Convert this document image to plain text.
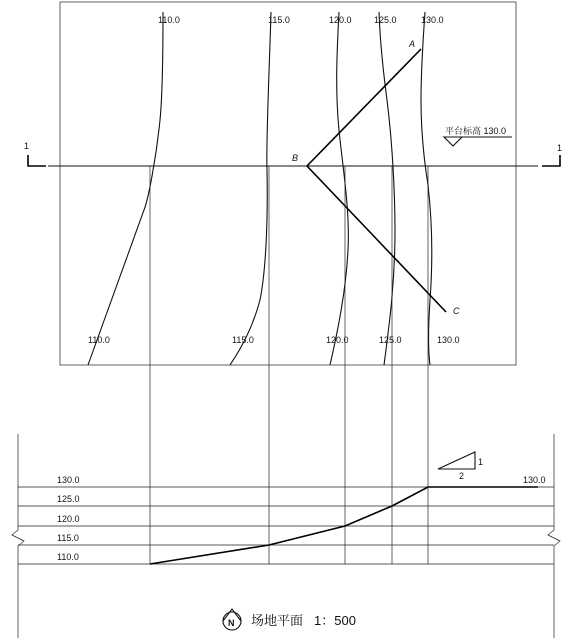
110.0	115.0	120.0 125.0	130.0
110.0	115.0	120.0	125.0	130.0
1	1
A
B
C
平台标高 130.0
130.0
125.0
120.0
115.0
110.0
130.0
1
2
N 场地平面 1：500
